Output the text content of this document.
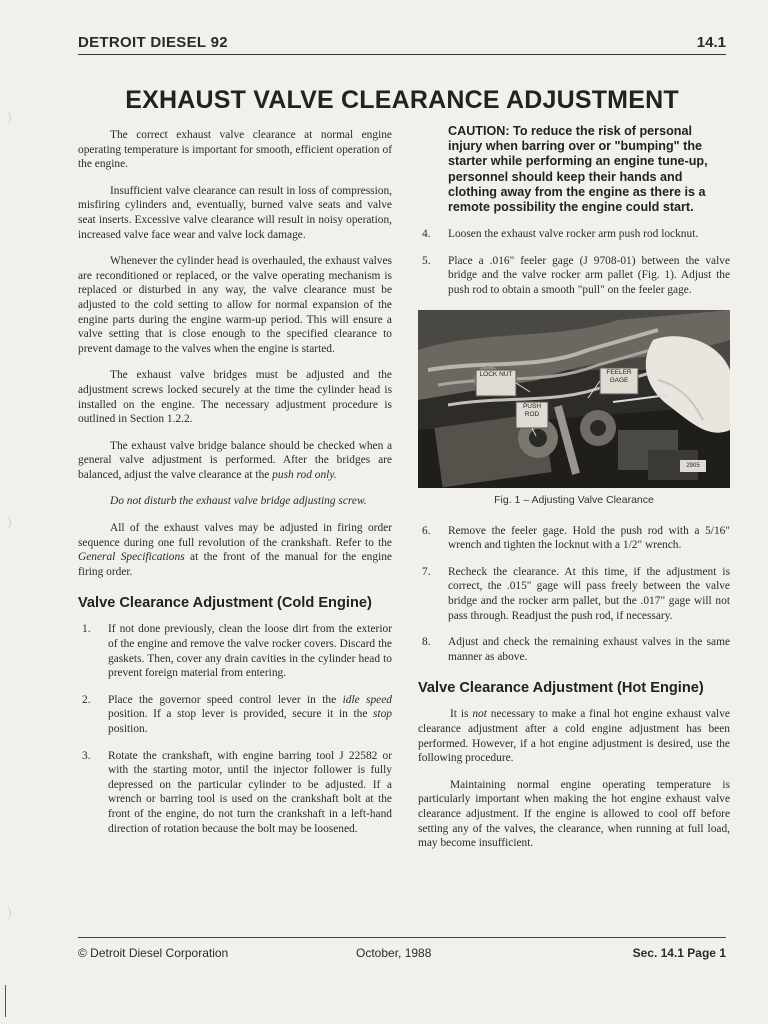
DETROIT DIESEL 92	14.1
EXHAUST VALVE CLEARANCE ADJUSTMENT

The correct exhaust valve clearance at normal engine operating temperature is important for smooth, efficient operation of the engine.

Insufficient valve clearance can result in loss of compression, misfiring cylinders and, eventually, burned valve seats and valve seat inserts. Excessive valve clearance will result in noisy operation, increased valve face wear and valve lock damage.

Whenever the cylinder head is overhauled, the exhaust valves are reconditioned or replaced, or the valve operating mechanism is replaced or disturbed in any way, the valve clearance must be adjusted to the cold setting to allow for normal expansion of the engine parts during the engine warm-up period. This will ensure a valve setting that is close enough to the specified clearance to prevent damage to the valves when the engine is started.

The exhaust valve bridges must be adjusted and the adjustment screws locked securely at the time the cylinder head is installed on the engine. The necessary adjustment procedure is outlined in Section 1.2.2.

The exhaust valve bridge balance should be checked when a general valve adjustment is performed. After the bridges are balanced, adjust the valve clearance at the push rod only.

Do not disturb the exhaust valve bridge adjusting screw.

All of the exhaust valves may be adjusted in firing order sequence during one full revolution of the crankshaft. Refer to the General Specifications at the front of the manual for the engine firing order.

Valve Clearance Adjustment (Cold Engine)
1.	If not done previously, clean the loose dirt from the exterior of the engine and remove the valve rocker covers. Discard the gaskets. Then, cover any drain cavities in the cylinder head to prevent foreign material from entering.
2.	Place the governor speed control lever in the idle speed position. If a stop lever is provided, secure it in the stop position.
3.	Rotate the crankshaft, with engine barring tool J 22582 or with the starting motor, until the injector follower is fully depressed on the particular cylinder to be adjusted. If a wrench or barring tool is used on the crankshaft bolt at the front of the engine, do not turn the crankshaft in a left-hand direction of rotation because the bolt may be loosened.
CAUTION: To reduce the risk of personal injury when barring over or "bumping" the starter while performing an engine tune-up, personnel should keep their hands and clothing away from the engine as there is a remote possibility the engine could start.
4.	Loosen the exhaust valve rocker arm push rod locknut.
5.	Place a .016" feeler gage (J 9708-01) between the valve bridge and the valve rocker arm pallet (Fig. 1). Adjust the push rod to obtain a smooth "pull" on the feeler gage.
LOCK NUT	FEELER GAGE
PUSH ROD
2905
Fig. 1 – Adjusting Valve Clearance
6.	Remove the feeler gage. Hold the push rod with a 5/16" wrench and tighten the locknut with a 1/2" wrench.
7.	Recheck the clearance. At this time, if the adjustment is correct, the .015" gage will pass freely between the valve bridge and the rocker arm pallet, but the .017" gage will not pass through. Readjust the push rod, if necessary.
8.	Adjust and check the remaining exhaust valves in the same manner as above.
Valve Clearance Adjustment (Hot Engine)

It is not necessary to make a final hot engine exhaust valve clearance adjustment after a cold engine adjustment has been performed. However, if a hot engine adjustment is desired, use the following procedure.

Maintaining normal engine operating temperature is particularly important when making the hot engine exhaust valve clearance adjustment. If the engine is allowed to cool off before setting any of the valves, the clearance, when running at full load, may become insufficient.

© Detroit Diesel Corporation	October, 1988	Sec. 14.1 Page 1
